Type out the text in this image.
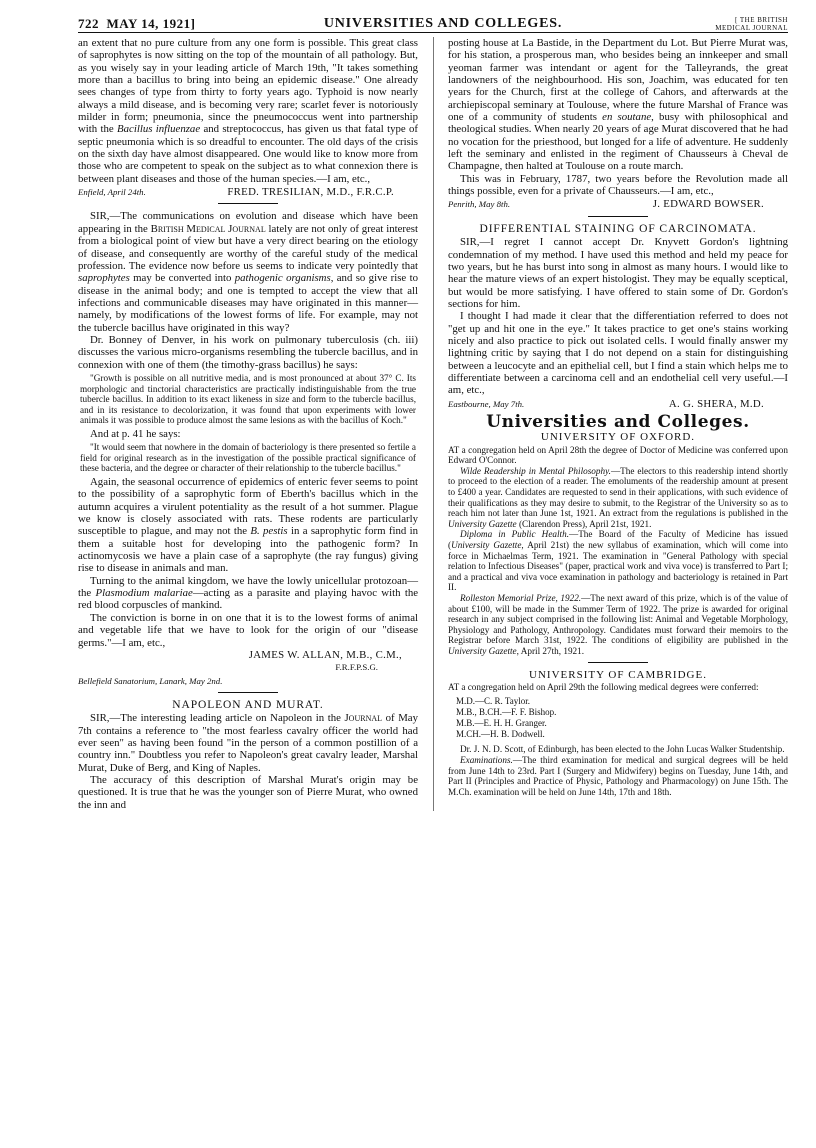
722 MAY 14, 1921]	UNIVERSITIES AND COLLEGES.	[ THE BRITISH
MEDICAL JOURNAL

an extent that no pure culture from any one form is possible. This great class of saprophytes is now sitting on the top of the mountain of all pathology. But, as you wisely say in your leading article of March 19th, "It takes something more than a bacillus to bring into being an epidemic disease." One already sees changes of type from thirty to forty years ago. Typhoid is now nearly always a mild disease, and is becoming very rare; scarlet fever is notoriously milder in form; pneumonia, since the pneumococcus went into partnership with the Bacillus influenzae and streptococcus, has given us that fatal type of septic pneumonia which is so dreadful to encounter. The old days of the crisis on the sixth day have almost disappeared. One would like to know more from those who are competent to speak on the subject as to what connexion there is between plant diseases and those of the human species.—I am, etc.,

Enfield, April 24th.	FRED. TRESILIAN, M.D., F.R.C.P.

SIR,—The communications on evolution and disease which have been appearing in the British Medical Journal lately are not only of great interest from a biological point of view but have a very direct bearing on the etiology of disease, and consequently are worthy of the careful study of the medical profession. The evidence now before us seems to indicate very pointedly that saprophytes may be converted into pathogenic organisms, and so give rise to disease in the animal body; and one is tempted to accept the view that all infections and communicable diseases may have originated in this manner—namely, by modifications of the lowest forms of life. For example, may not the tubercle bacillus have originated in this way?

Dr. Bonney of Denver, in his work on pulmonary tuberculosis (ch. iii) discusses the various micro-organisms resembling the tubercle bacillus, and in connexion with one of them (the timothy-grass bacillus) he says:

"Growth is possible on all nutritive media, and is most pronounced at about 37° C. Its morphologic and tinctorial characteristics are practically indistinguishable from the true tubercle bacillus. In addition to its exact likeness in size and form to the tubercle bacillus, and in its resistance to decolorization, it was found that upon experiments with lower animals it was possible to produce almost the same lesions as with the bacillus of Koch."

And at p. 41 he says:

"It would seem that nowhere in the domain of bacteriology is there presented so fertile a field for original research as in the investigation of the possible practical significance of these bacteria, and the degree or character of their relationship to the tubercle bacillus."

Again, the seasonal occurrence of epidemics of enteric fever seems to point to the possibility of a saprophytic form of Eberth's bacillus which in the autumn acquires a virulent potentiality as the result of a hot summer. Plague we know is closely associated with rats. These rodents are particularly susceptible to plague, and may not the B. pestis in a saprophytic form find in them a suitable host for developing into the pathogenic form? In actinomycosis we have a plain case of a saprophyte (the ray fungus) giving rise to disease in animals and man.

Turning to the animal kingdom, we have the lowly unicellular protozoan—the Plasmodium malariae—acting as a parasite and playing havoc with the red blood corpuscles of mankind.

The conviction is borne in on one that it is to the lowest forms of animal and vegetable life that we have to look for the origin of our "disease germs."—I am, etc.,

JAMES W. ALLAN, M.B., C.M.,
F.R.F.P.S.G.
Bellefield Sanatorium, Lanark, May 2nd.
NAPOLEON AND MURAT.

SIR,—The interesting leading article on Napoleon in the Journal of May 7th contains a reference to "the most fearless cavalry officer the world had ever seen" as having been found "in the person of a common postillion of a country inn." Doubtless you refer to Napoleon's great cavalry leader, Marshal Murat, Duke of Berg, and King of Naples.

The accuracy of this description of Marshal Murat's origin may be questioned. It is true that he was the younger son of Pierre Murat, who owned the inn and

posting house at La Bastide, in the Department du Lot. But Pierre Murat was, for his station, a prosperous man, who besides being an innkeeper and small yeoman farmer was intendant or agent for the Talleyrands, the great landowners of the neighbourhood. His son, Joachim, was educated for ten years for the Church, first at the college of Cahors, and afterwards at the archiepiscopal seminary at Toulouse, where the future Marshal of France was one of a community of students en soutane, busy with philosophical and theological studies. When nearly 20 years of age Murat discovered that he had no vocation for the priesthood, but longed for a life of adventure. He suddenly left the seminary and enlisted in the regiment of Chausseurs à Cheval de Champagne, then halted at Toulouse on a route march.

This was in February, 1787, two years before the Revolution made all things possible, even for a private of Chausseurs.—I am, etc.,

Penrith, May 8th.	J. EDWARD BOWSER.
DIFFERENTIAL STAINING OF CARCINOMATA.

SIR,—I regret I cannot accept Dr. Knyvett Gordon's lightning condemnation of my method. I have used this method and held my peace for two years, but he has burst into song in almost as many hours. I would like to hear the mature views of an expert histologist. They may be equally sceptical, but would be more satisfying. I have offered to stain some of Dr. Gordon's sections for him.

I thought I had made it clear that the differentiation referred to does not "get up and hit one in the eye." It takes practice to get one's stains working nicely and also practice to pick out isolated cells. I would finally answer my lightning critic by saying that I do not depend on a stain for distinguishing between a leucocyte and an epithelial cell, but I find a stain which helps me to differentiate between a carcinoma cell and an endothelial cell very useful.—I am, etc.,

Eastbourne, May 7th.	A. G. SHERA, M.D.
Universities and Colleges.
UNIVERSITY OF OXFORD.

AT a congregation held on April 28th the degree of Doctor of Medicine was conferred upon Edward O'Connor.

Wilde Readership in Mental Philosophy.—The electors to this readership intend shortly to proceed to the election of a reader. The emoluments of the readership amount at present to £400 a year. Candidates are requested to send in their applications, with such evidence of their qualifications as they may desire to submit, to the Registrar of the University so as to reach him not later than June 1st, 1921. An extract from the regulations is published in the University Gazette (Clarendon Press), April 21st, 1921.

Diploma in Public Health.—The Board of the Faculty of Medicine has issued (University Gazette, April 21st) the new syllabus of examination, which will come into force in Michaelmas Term, 1921. The examination in "General Pathology with special relation to Infectious Diseases" (paper, practical work and viva voce) is transferred to Part I; and a practical and viva voce examination in pathology and bacteriology is retained in Part II.

Rolleston Memorial Prize, 1922.—The next award of this prize, which is of the value of about £100, will be made in the Summer Term of 1922. The prize is awarded for original research in any subject comprised in the following list: Animal and Vegetable Morphology, Physiology and Pathology, Anthropology. Candidates must forward their memoirs to the Registrar before March 31st, 1922. The conditions of eligibility are published in the University Gazette, April 27th, 1921.

UNIVERSITY OF CAMBRIDGE.

AT a congregation held on April 29th the following medical degrees were conferred:

M.D.—C. R. Taylor.
M.B., B.CH.—F. F. Bishop.
M.B.—E. H. H. Granger.
M.CH.—H. B. Dodwell.

Dr. J. N. D. Scott, of Edinburgh, has been elected to the John Lucas Walker Studentship.

Examinations.—The third examination for medical and surgical degrees will be held from June 14th to 23rd. Part I (Surgery and Midwifery) begins on Tuesday, June 14th, and Part II (Principles and Practice of Physic, Pathology and Pharmacology) on June 15th. The M.Ch. examination will be held on June 14th, 17th and 18th.
